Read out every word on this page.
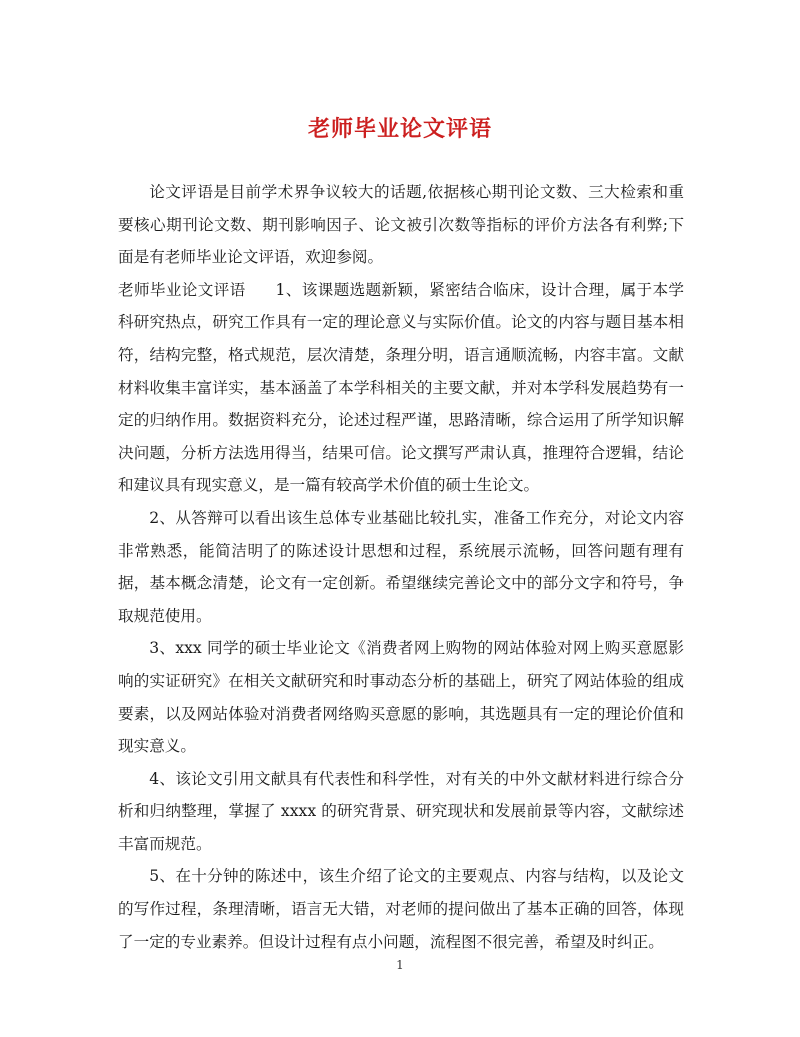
老师毕业论文评语

论文评语是目前学术界争议较大的话题,依据核心期刊论文数、三大检索和重要核心期刊论文数、期刊影响因子、论文被引次数等指标的评价方法各有利弊;下面是有老师毕业论文评语，欢迎参阅。

老师毕业论文评语 1、该课题选题新颖，紧密结合临床，设计合理，属于本学科研究热点，研究工作具有一定的理论意义与实际价值。论文的内容与题目基本相符，结构完整，格式规范，层次清楚，条理分明，语言通顺流畅，内容丰富。文献材料收集丰富详实，基本涵盖了本学科相关的主要文献，并对本学科发展趋势有一定的归纳作用。数据资料充分，论述过程严谨，思路清晰，综合运用了所学知识解决问题，分析方法选用得当，结果可信。论文撰写严肃认真，推理符合逻辑，结论和建议具有现实意义，是一篇有较高学术价值的硕士生论文。

2、从答辩可以看出该生总体专业基础比较扎实，准备工作充分，对论文内容非常熟悉，能简洁明了的陈述设计思想和过程，系统展示流畅，回答问题有理有据，基本概念清楚，论文有一定创新。希望继续完善论文中的部分文字和符号，争取规范使用。

3、xxx 同学的硕士毕业论文《消费者网上购物的网站体验对网上购买意愿影响的实证研究》在相关文献研究和时事动态分析的基础上，研究了网站体验的组成要素，以及网站体验对消费者网络购买意愿的影响，其选题具有一定的理论价值和现实意义。

4、该论文引用文献具有代表性和科学性，对有关的中外文献材料进行综合分析和归纳整理，掌握了 xxxx 的研究背景、研究现状和发展前景等内容，文献综述丰富而规范。

5、在十分钟的陈述中，该生介绍了论文的主要观点、内容与结构，以及论文的写作过程，条理清晰，语言无大错，对老师的提问做出了基本正确的回答，体现了一定的专业素养。但设计过程有点小问题，流程图不很完善，希望及时纠正。

1
